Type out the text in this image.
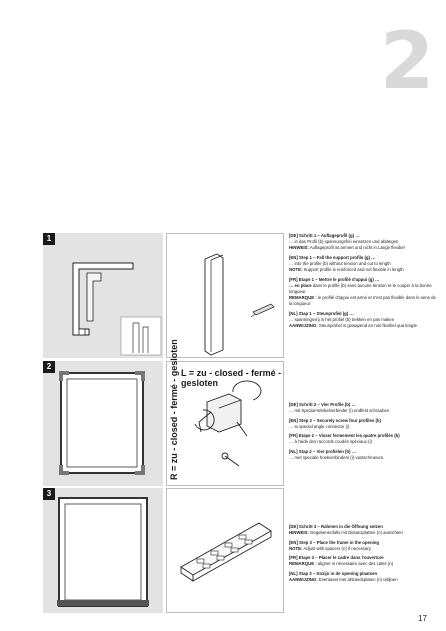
2
1
2
L = zu - closed - fermé - gesloten
R = zu - closed - fermé - gesloten
3

[DE] Schritt 1 – Auflageprofil (g) …
… in das Profil (b) spannungsfrei einsetzen und ablängen
HINWEIS: Auflageprofil ist armiert und nicht in Länge flexibel

[EN] Step 1 – Fall the support profile (g) …
… into the profile (b) without tension and cut to length
NOTE: Support profile is reinforced and not flexible in length

[FR] Etape 1 – Mettre le profilé d'appui (g) …
… en place dans le profilé (b) sans aucune tension et le couper à la bonne longueur
REMARQUE : le profilé d'appui est armé et n'est pas flexible dans le sens de la longueur

[NL] Stap 1 – Steunprofiel (g) …
… spanningsvrij in het profiel (b) trekken en pas maken
AANWIJZING: Steunprofiel is gewapend en niet flexibel qua lengte

[DE] Schritt 2 – Vier Profile (b) …
… mit Spezial-Winkelverbinder (i) endfest schrauben

[EN] Step 2 – Securely screw four profiles (b)
… to special angle connector (i)

[FR] Etape 2 – Visser fermement les quatre profilés (b)
… à l'aide des raccords coudés spéciaux (i)

[NL] Stap 2 – Vier profielen (b) …
… met speciale hoekverbinders (i) vastschroeven.

[DE] Schritt 3 – Rahmen in die Öffnung setzen
HINWEIS: Gegebenenfalls mit Distanzplatten (n) ausrichten

[EN] Step 3 – Place the frame in the opening
NOTE: Adjust with spacers (n) if necessary

[FR] Etape 3 – Placer le cadre dans l'ouverture
REMARQUE : aligner si nécessaire avec des cales (n)

[NL] Stap 3 – Kozijn in de opening plaatsen
AANWIJZING: Eventueel met afstandsplaten (n) uitlijnen

17
